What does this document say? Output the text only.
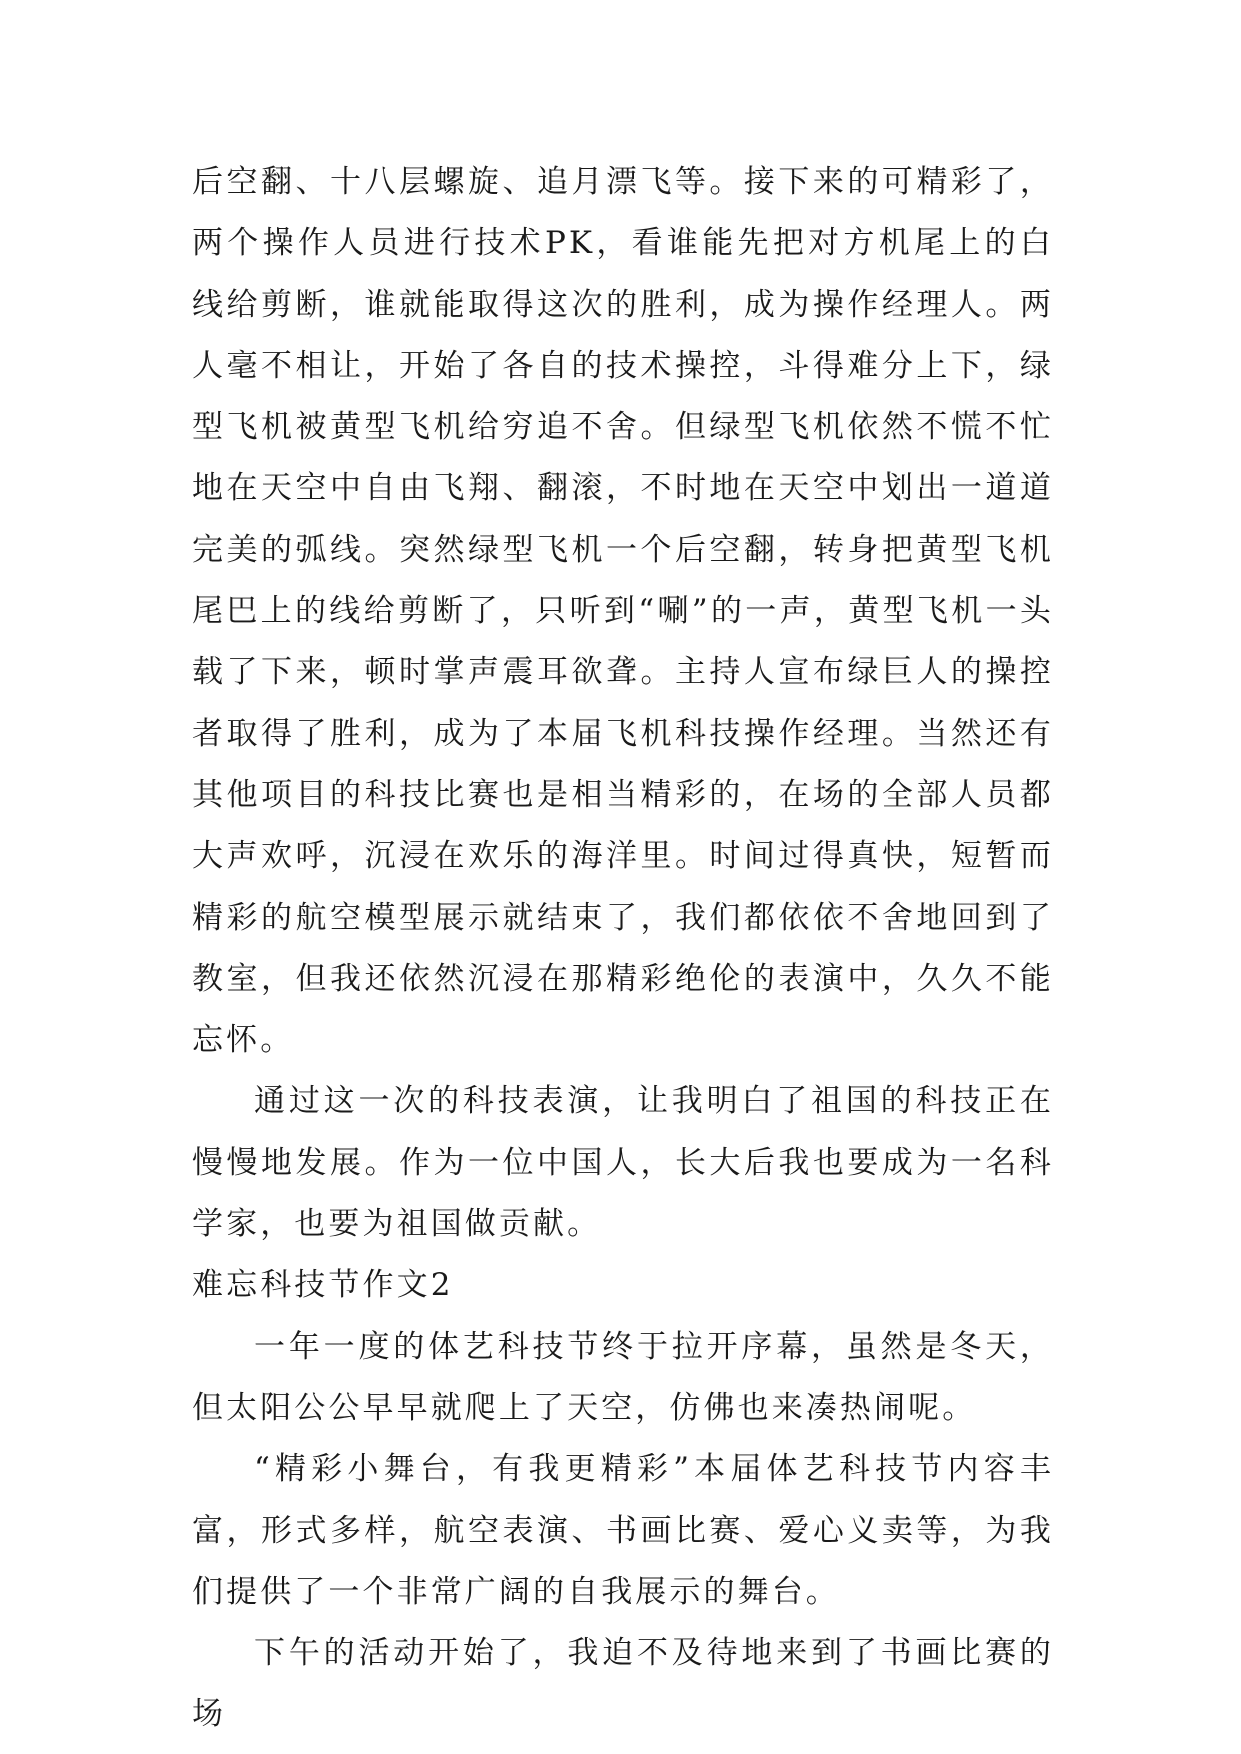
后空翻、十八层螺旋、追月漂飞等。接下来的可精彩了，两个操作人员进行技术PK，看谁能先把对方机尾上的白线给剪断，谁就能取得这次的胜利，成为操作经理人。两人毫不相让，开始了各自的技术操控，斗得难分上下，绿型飞机被黄型飞机给穷追不舍。但绿型飞机依然不慌不忙地在天空中自由飞翔、翻滚，不时地在天空中划出一道道完美的弧线。突然绿型飞机一个后空翻，转身把黄型飞机尾巴上的线给剪断了，只听到“唰”的一声，黄型飞机一头载了下来，顿时掌声震耳欲聋。主持人宣布绿巨人的操控者取得了胜利，成为了本届飞机科技操作经理。当然还有其他项目的科技比赛也是相当精彩的，在场的全部人员都大声欢呼，沉浸在欢乐的海洋里。时间过得真快，短暂而精彩的航空模型展示就结束了，我们都依依不舍地回到了教室，但我还依然沉浸在那精彩绝伦的表演中，久久不能忘怀。

通过这一次的科技表演，让我明白了祖国的科技正在慢慢地发展。作为一位中国人，长大后我也要成为一名科学家，也要为祖国做贡献。

难忘科技节作文2

一年一度的体艺科技节终于拉开序幕，虽然是冬天，但太阳公公早早就爬上了天空，仿佛也来凑热闹呢。

“精彩小舞台，有我更精彩”本届体艺科技节内容丰富，形式多样，航空表演、书画比赛、爱心义卖等，为我们提供了一个非常广阔的自我展示的舞台。

下午的活动开始了，我迫不及待地来到了书画比赛的场
